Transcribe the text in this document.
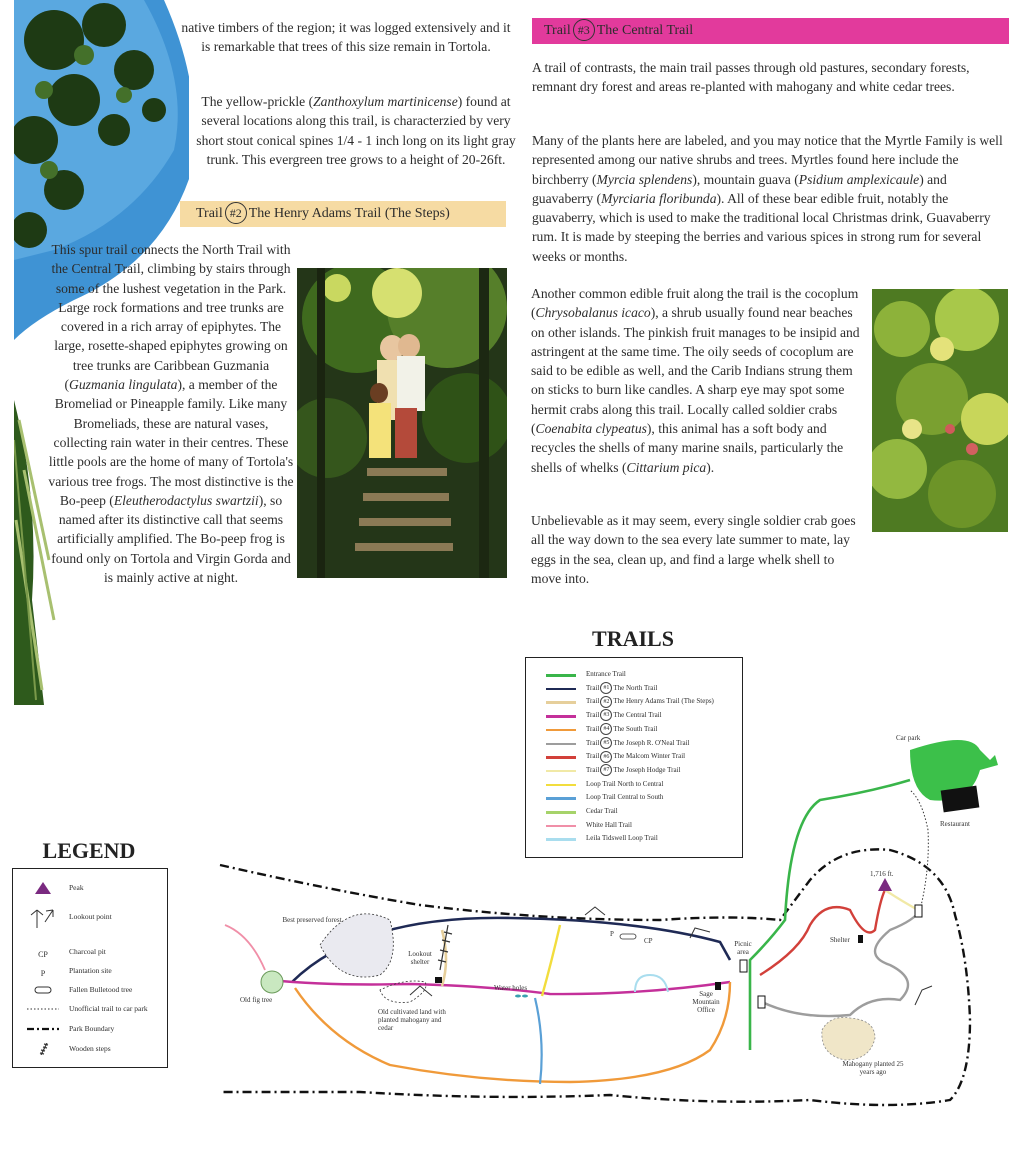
native timbers of the region; it was logged extensively and it is remarkable that trees of this size remain in Tortola.

The yellow-prickle (Zanthoxylum martinicense) found at several locations along this trail, is characterzied by very short stout conical spines 1/4 - 1 inch long on its light gray trunk. This evergreen tree grows to a height of 20-26ft.

Trail #2 The Henry Adams Trail (The Steps)

This spur trail connects the North Trail with the Central Trail, climbing by stairs through some of the lushest vegetation in the Park. Large rock formations and tree trunks are covered in a rich array of epiphytes. The large, rosette-shaped epiphytes growing on tree trunks are Caribbean Guzmania (Guzmania lingulata), a member of the Bromeliad or Pineapple family. Like many Bromeliads, these are natural vases, collecting rain water in their centres. These little pools are the home of many of Tortola's various tree frogs. The most distinctive is the Bo-peep (Eleutherodactylus swartzii), so named after its distinctive call that seems artificially amplified. The Bo-peep frog is found only on Tortola and Virgin Gorda and is mainly active at night.

Trail #3 The Central Trail

A trail of contrasts, the main trail passes through old pastures, secondary forests, remnant dry forest and areas re-planted with mahogany and white cedar trees.

Many of the plants here are labeled, and you may notice that the Myrtle Family is well represented among our native shrubs and trees. Myrtles found here include the birchberry (Myrcia splendens), mountain guava (Psidium amplexicaule) and guavaberry (Myrciaria floribunda). All of these bear edible fruit, notably the guavaberry, which is used to make the traditional local Christmas drink, Guavaberry rum. It is made by steeping the berries and various spices in strong rum for several weeks or months.

Another common edible fruit along the trail is the cocoplum (Chrysobalanus icaco), a shrub usually found near beaches on other islands. The pinkish fruit manages to be insipid and astringent at the same time. The oily seeds of cocoplum are said to be edible as well, and the Carib Indians strung them on sticks to burn like candles. A sharp eye may spot some hermit crabs along this trail. Locally called soldier crabs (Coenabita clypeatus), this animal has a soft body and recycles the shells of many marine snails, particularly the shells of whelks (Cittarium pica).

Unbelievable as it may seem, every single soldier crab goes all the way down to the sea every late summer to mate, lay eggs in the sea, clean up, and find a large whelk shell to move into.

TRAILS
Entrance Trail
Trail #1 The North Trail
Trail #2 The Henry Adams Trail (The Steps)
Trail #3 The Central Trail
Trail #4 The South Trail
Trail #5 The Joseph R. O'Neal Trail
Trail #6 The Malcom Winter Trail
Trail #7 The Joseph Hodge Trail
Loop Trail North to Central
Loop Trail Central to South
Cedar Trail
White Hall Trail
Leila Tidswell Loop Trail
LEGEND
Peak
Lookout point
CP	Charcoal pit
P	Plantation site
Fallen Bulletood tree
Unofficial trail to car park
Park Boundary
Wooden steps
Car park
Restaurant
1,716 ft.
Shelter
Picnic area
Sage Mountain Office
Best preserved forest
Lookout shelter
Old fig tree
Old cultivated land with planted mahogany and cedar
Water holes
Mahogany planted 25 years ago
P
CP
